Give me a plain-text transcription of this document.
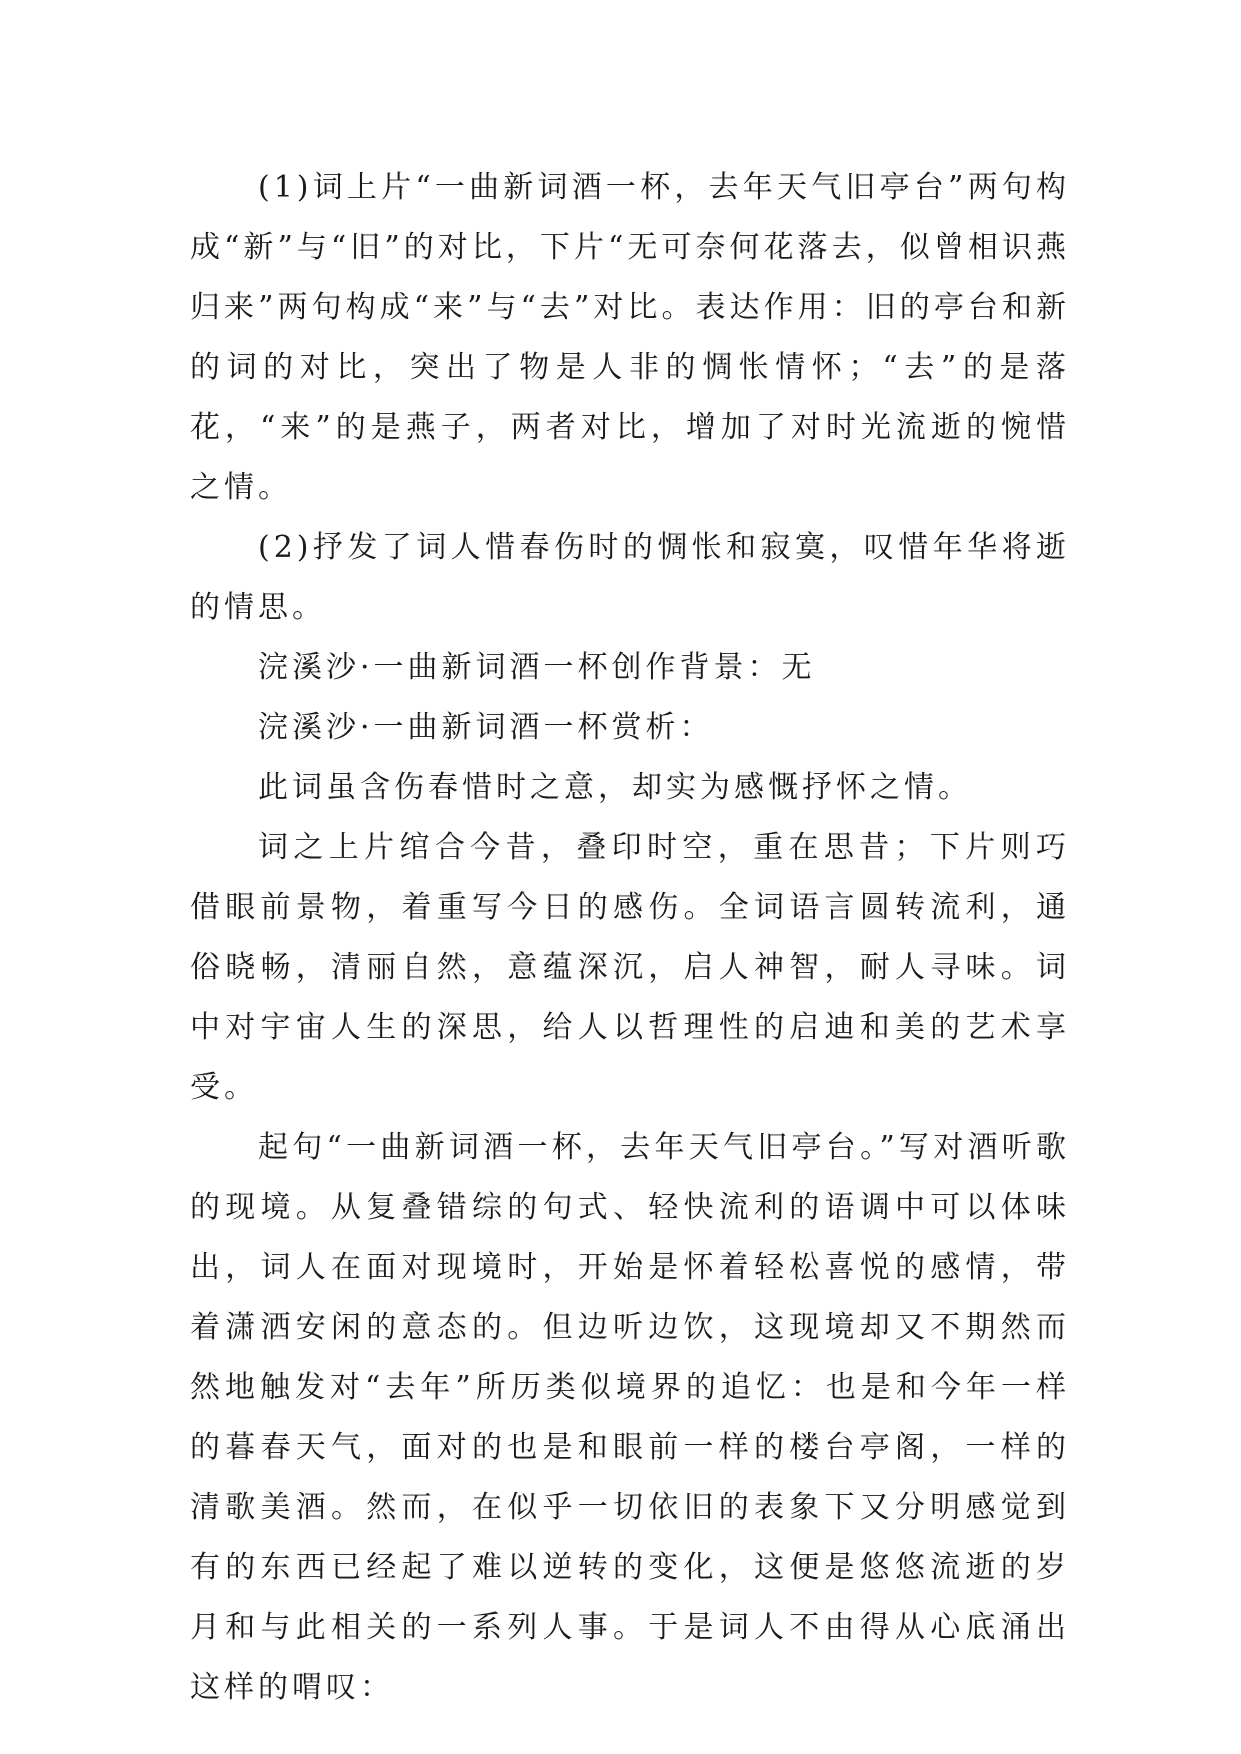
(1)词上片“一曲新词酒一杯，去年天气旧亭台”两句构成“新”与“旧”的对比，下片“无可奈何花落去，似曾相识燕归来”两句构成“来”与“去”对比。表达作用：旧的亭台和新的词的对比，突出了物是人非的惆怅情怀；“去”的是落花，“来”的是燕子，两者对比，增加了对时光流逝的惋惜之情。

(2)抒发了词人惜春伤时的惆怅和寂寞，叹惜年华将逝的情思。

浣溪沙·一曲新词酒一杯创作背景：无

浣溪沙·一曲新词酒一杯赏析：

此词虽含伤春惜时之意，却实为感慨抒怀之情。

词之上片绾合今昔，叠印时空，重在思昔；下片则巧借眼前景物，着重写今日的感伤。全词语言圆转流利，通俗晓畅，清丽自然，意蕴深沉，启人神智，耐人寻味。词中对宇宙人生的深思，给人以哲理性的启迪和美的艺术享受。

起句“一曲新词酒一杯，去年天气旧亭台。”写对酒听歌的现境。从复叠错综的句式、轻快流利的语调中可以体味出，词人在面对现境时，开始是怀着轻松喜悦的感情，带着潇洒安闲的意态的。但边听边饮，这现境却又不期然而然地触发对“去年”所历类似境界的追忆：也是和今年一样的暮春天气，面对的也是和眼前一样的楼台亭阁，一样的清歌美酒。然而，在似乎一切依旧的表象下又分明感觉到有的东西已经起了难以逆转的变化，这便是悠悠流逝的岁月和与此相关的一系列人事。于是词人不由得从心底涌出这样的喟叹：
